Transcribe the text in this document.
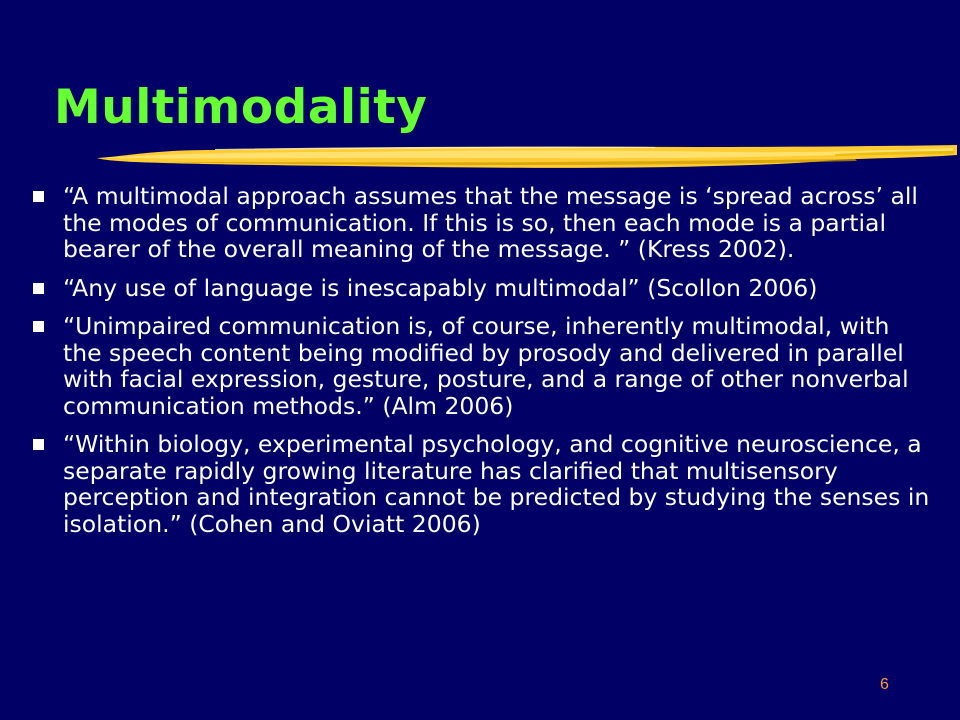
Multimodality
“A multimodal approach assumes that the message is ‘spread across’ all the modes of communication. If this is so, then each mode is a partial bearer of the overall meaning of the message. ” (Kress 2002).
“Any use of language is inescapably multimodal” (Scollon 2006)
“Unimpaired communication is, of course, inherently multimodal, with the speech content being modified by prosody and delivered in parallel with facial expression, gesture, posture, and a range of other nonverbal communication methods.” (Alm 2006)
“Within biology, experimental psychology, and cognitive neuroscience, a separate rapidly growing literature has clarified that multisensory perception and integration cannot be predicted by studying the senses in isolation.” (Cohen and Oviatt 2006)
6
